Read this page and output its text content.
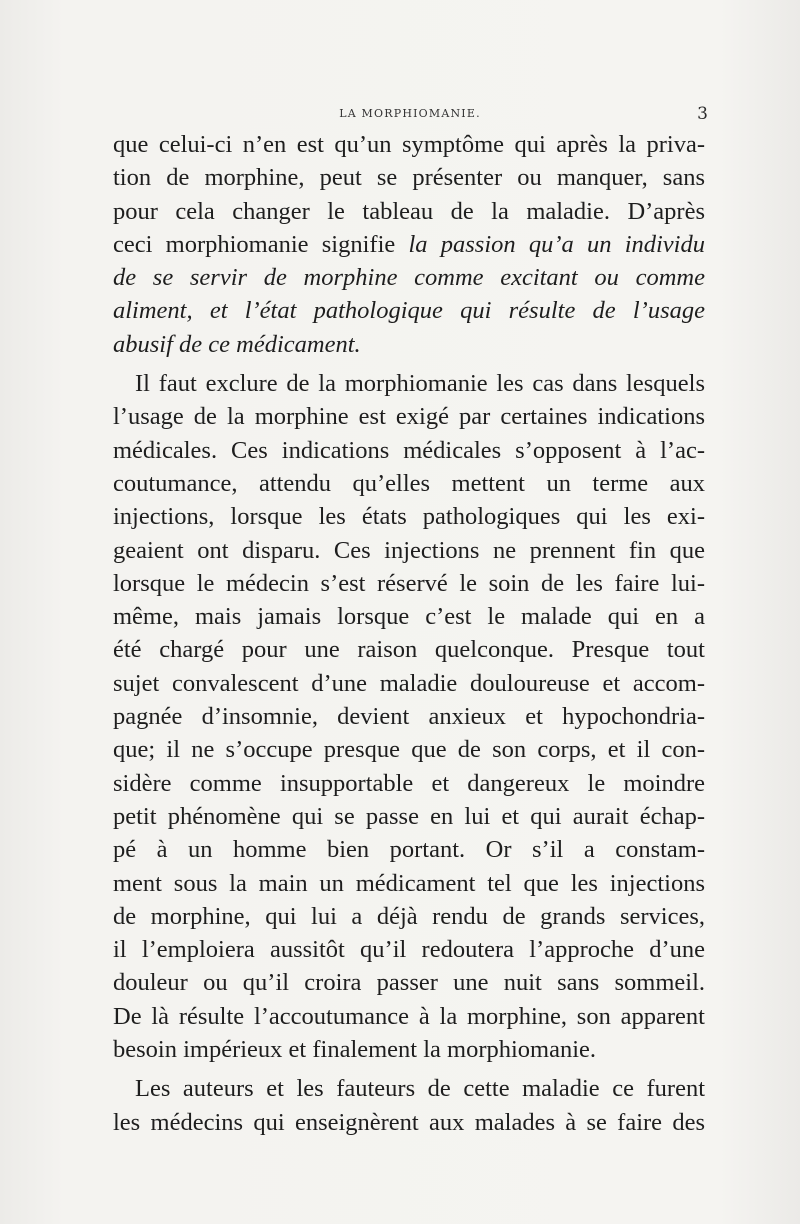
LA MORPHIOMANIE.	3
que celui-ci n’en est qu’un symptôme qui après la priva-
tion de morphine, peut se présenter ou manquer, sans
pour cela changer le tableau de la maladie. D’après
ceci morphiomanie signifie la passion qu’a un individu
de se servir de morphine comme excitant ou comme
aliment, et l’état pathologique qui résulte de l’usage
abusif de ce médicament.
Il faut exclure de la morphiomanie les cas dans lesquels
l’usage de la morphine est exigé par certaines indications
médicales. Ces indications médicales s’opposent à l’ac-
coutumance, attendu qu’elles mettent un terme aux
injections, lorsque les états pathologiques qui les exi-
geaient ont disparu. Ces injections ne prennent fin que
lorsque le médecin s’est réservé le soin de les faire lui-
même, mais jamais lorsque c’est le malade qui en a
été chargé pour une raison quelconque. Presque tout
sujet convalescent d’une maladie douloureuse et accom-
pagnée d’insomnie, devient anxieux et hypochondria-
que; il ne s’occupe presque que de son corps, et il con-
sidère comme insupportable et dangereux le moindre
petit phénomène qui se passe en lui et qui aurait échap-
pé à un homme bien portant. Or s’il a constam-
ment sous la main un médicament tel que les injections
de morphine, qui lui a déjà rendu de grands services,
il l’emploiera aussitôt qu’il redoutera l’approche d’une
douleur ou qu’il croira passer une nuit sans sommeil.
De là résulte l’accoutumance à la morphine, son apparent
besoin impérieux et finalement la morphiomanie.
Les auteurs et les fauteurs de cette maladie ce furent
les médecins qui enseignèrent aux malades à se faire des
